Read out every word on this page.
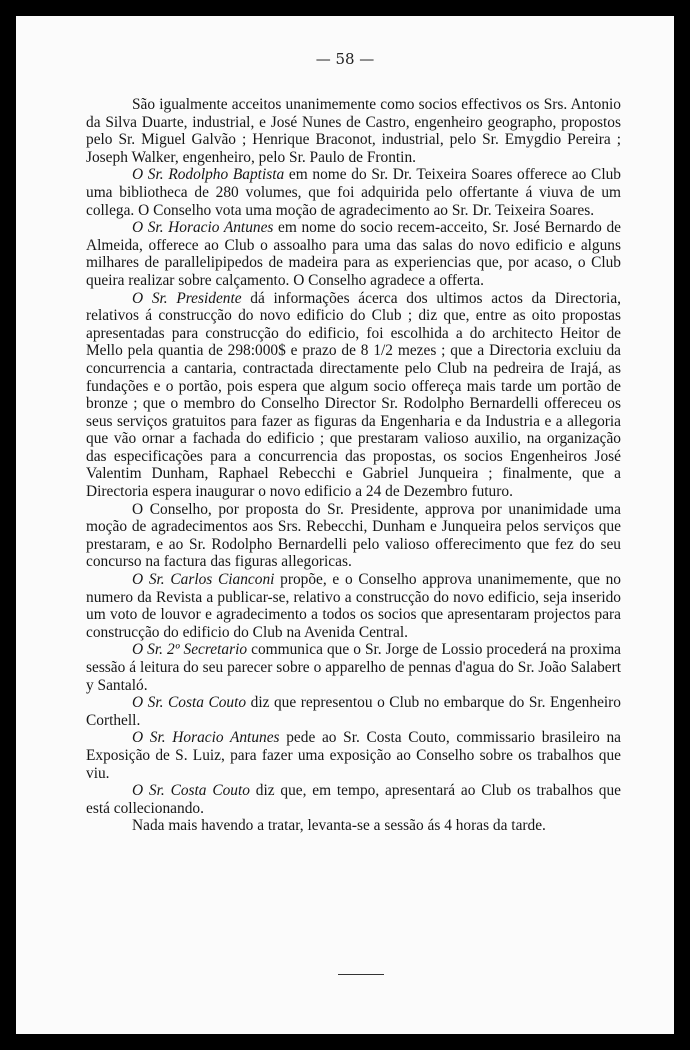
— 58 —

São igualmente acceitos unanimemente como socios effectivos os Srs. Antonio da Silva Duarte, industrial, e José Nunes de Castro, engenheiro geographo, propostos pelo Sr. Miguel Galvão ; Henrique Braconot, industrial, pelo Sr. Emygdio Pereira ; Joseph Walker, engenheiro, pelo Sr. Paulo de Frontin.

O Sr. Rodolpho Baptista em nome do Sr. Dr. Teixeira Soares offerece ao Club uma bibliotheca de 280 volumes, que foi adquirida pelo offertante á viuva de um collega. O Conselho vota uma moção de agradecimento ao Sr. Dr. Teixeira Soares.

O Sr. Horacio Antunes em nome do socio recem-acceito, Sr. José Bernardo de Almeida, offerece ao Club o assoalho para uma das salas do novo edificio e alguns milhares de parallelipipedos de madeira para as experiencias que, por acaso, o Club queira realizar sobre calçamento. O Conselho agradece a offerta.

O Sr. Presidente dá informações ácerca dos ultimos actos da Directoria, relativos á construcção do novo edificio do Club ; diz que, entre as oito propostas apresentadas para construcção do edificio, foi escolhida a do architecto Heitor de Mello pela quantia de 298:000$ e prazo de 8 1/2 mezes ; que a Directoria excluiu da concurrencia a cantaria, contractada directamente pelo Club na pedreira de Irajá, as fundações e o portão, pois espera que algum socio offereça mais tarde um portão de bronze ; que o membro do Conselho Director Sr. Rodolpho Bernardelli offereceu os seus serviços gratuitos para fazer as figuras da Engenharia e da Industria e a allegoria que vão ornar a fachada do edificio ; que prestaram valioso auxilio, na organização das especificações para a concurrencia das propostas, os socios Engenheiros José Valentim Dunham, Raphael Rebecchi e Gabriel Junqueira ; finalmente, que a Directoria espera inaugurar o novo edificio a 24 de Dezembro futuro.

O Conselho, por proposta do Sr. Presidente, approva por unanimidade uma moção de agradecimentos aos Srs. Rebecchi, Dunham e Junqueira pelos serviços que prestaram, e ao Sr. Rodolpho Bernardelli pelo valioso offerecimento que fez do seu concurso na factura das figuras allegoricas.

O Sr. Carlos Cianconi propõe, e o Conselho approva unanimemente, que no numero da Revista a publicar-se, relativo a construcção do novo edificio, seja inserido um voto de louvor e agradecimento a todos os socios que apresentaram projectos para construcção do edificio do Club na Avenida Central.

O Sr. 2º Secretario communica que o Sr. Jorge de Lossio procederá na proxima sessão á leitura do seu parecer sobre o apparelho de pennas d'agua do Sr. João Salabert y Santaló.

O Sr. Costa Couto diz que representou o Club no embarque do Sr. Engenheiro Corthell.

O Sr. Horacio Antunes pede ao Sr. Costa Couto, commissario brasileiro na Exposição de S. Luiz, para fazer uma exposição ao Conselho sobre os trabalhos que viu.

O Sr. Costa Couto diz que, em tempo, apresentará ao Club os trabalhos que está collecionando.

Nada mais havendo a tratar, levanta-se a sessão ás 4 horas da tarde.
